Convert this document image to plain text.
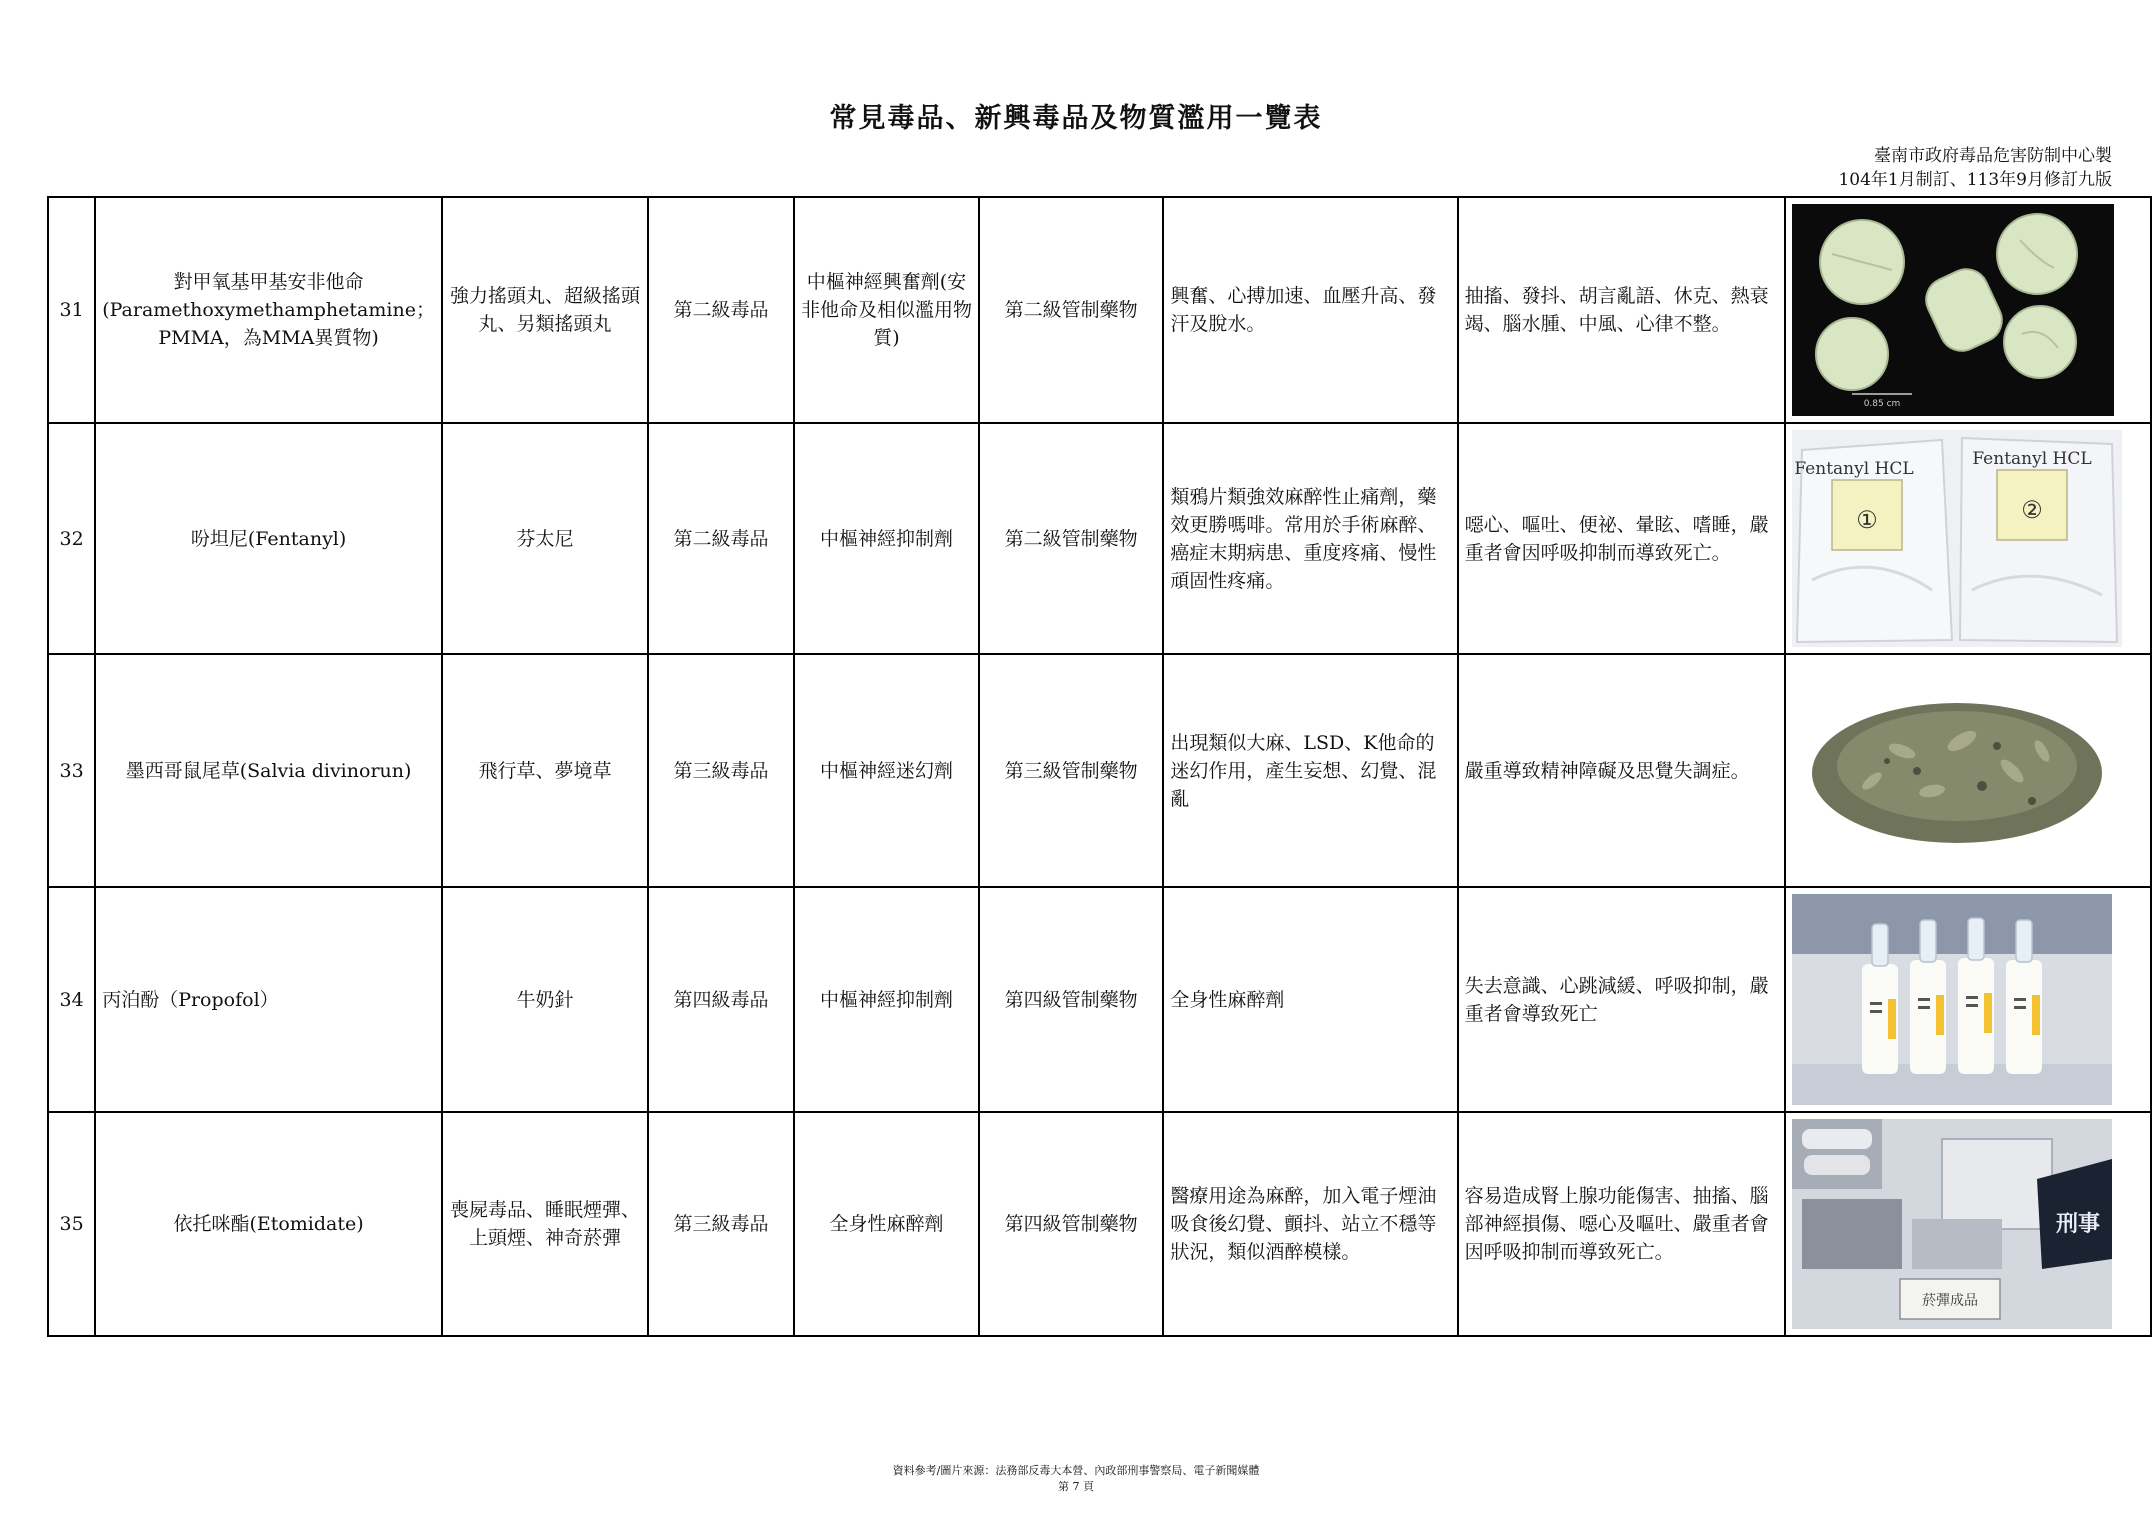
常見毒品、新興毒品及物質濫用一覽表
臺南市政府毒品危害防制中心製
104年1月制訂、113年9月修訂九版
31	對甲氧基甲基安非他命(Paramethoxymethamphetamine；PMMA，為MMA異質物)	強力搖頭丸、超級搖頭丸、另類搖頭丸	第二級毒品	中樞神經興奮劑(安非他命及相似濫用物質)	第二級管制藥物	興奮、心搏加速、血壓升高、發汗及脫水。	抽搐、發抖、胡言亂語、休克、熱衰竭、腦水腫、中風、心律不整。	0.85 cm

32	吩坦尼(Fentanyl)	芬太尼	第二級毒品	中樞神經抑制劑	第二級管制藥物	類鴉片類強效麻醉性止痛劑，藥效更勝嗎啡。常用於手術麻醉、癌症末期病患、重度疼痛、慢性頑固性疼痛。	噁心、嘔吐、便祕、暈眩、嗜睡，嚴重者會因呼吸抑制而導致死亡。	Fentanyl HCL
①
Fentanyl HCL
②

33	墨西哥鼠尾草(Salvia divinorun)	飛行草、夢境草	第三級毒品	中樞神經迷幻劑	第三級管制藥物	出現類似大麻、LSD、K他命的迷幻作用，產生妄想、幻覺、混亂	嚴重導致精神障礙及思覺失調症。	

34	丙泊酚（Propofol）	牛奶針	第四級毒品	中樞神經抑制劑	第四級管制藥物	全身性麻醉劑	失去意識、心跳減緩、呼吸抑制，嚴重者會導致死亡	

35	依托咪酯(Etomidate)	喪屍毒品、睡眠煙彈、上頭煙、神奇菸彈	第三級毒品	全身性麻醉劑	第四級管制藥物	醫療用途為麻醉，加入電子煙油吸食後幻覺、顫抖、站立不穩等狀況，類似酒醉模樣。	容易造成腎上腺功能傷害、抽搐、腦部神經損傷、噁心及嘔吐、嚴重者會因呼吸抑制而導致死亡。	刑事
菸彈成品
資料參考/圖片來源：法務部反毒大本營、內政部刑事警察局、電子新聞媒體
第 7 頁
